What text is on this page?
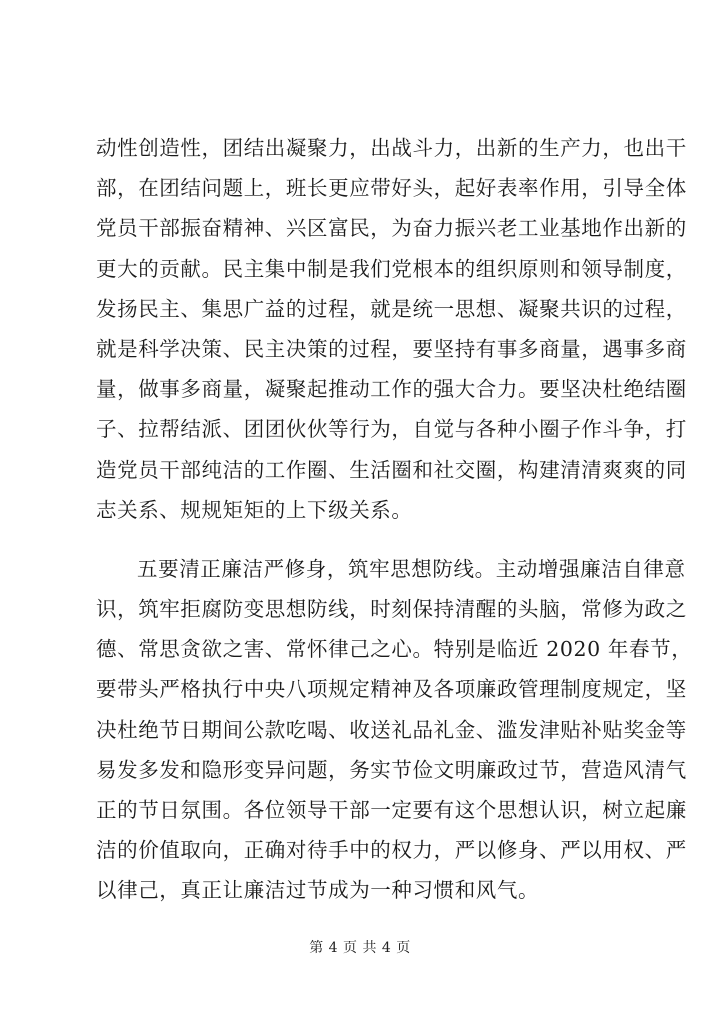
动性创造性，团结出凝聚力，出战斗力，出新的生产力，也出干
部，在团结问题上，班长更应带好头，起好表率作用，引导全体
党员干部振奋精神、兴区富民，为奋力振兴老工业基地作出新的
更大的贡献。民主集中制是我们党根本的组织原则和领导制度，
发扬民主、集思广益的过程，就是统一思想、凝聚共识的过程，
就是科学决策、民主决策的过程，要坚持有事多商量，遇事多商
量，做事多商量，凝聚起推动工作的强大合力。要坚决杜绝结圈
子、拉帮结派、团团伙伙等行为，自觉与各种小圈子作斗争，打
造党员干部纯洁的工作圈、生活圈和社交圈，构建清清爽爽的同
志关系、规规矩矩的上下级关系。
五要清正廉洁严修身，筑牢思想防线。主动增强廉洁自律意
识，筑牢拒腐防变思想防线，时刻保持清醒的头脑，常修为政之
德、常思贪欲之害、常怀律己之心。特别是临近 2020 年春节，
要带头严格执行中央八项规定精神及各项廉政管理制度规定，坚
决杜绝节日期间公款吃喝、收送礼品礼金、滥发津贴补贴奖金等
易发多发和隐形变异问题，务实节俭文明廉政过节，营造风清气
正的节日氛围。各位领导干部一定要有这个思想认识，树立起廉
洁的价值取向，正确对待手中的权力，严以修身、严以用权、严
以律己，真正让廉洁过节成为一种习惯和风气。
第 4 页 共 4 页
